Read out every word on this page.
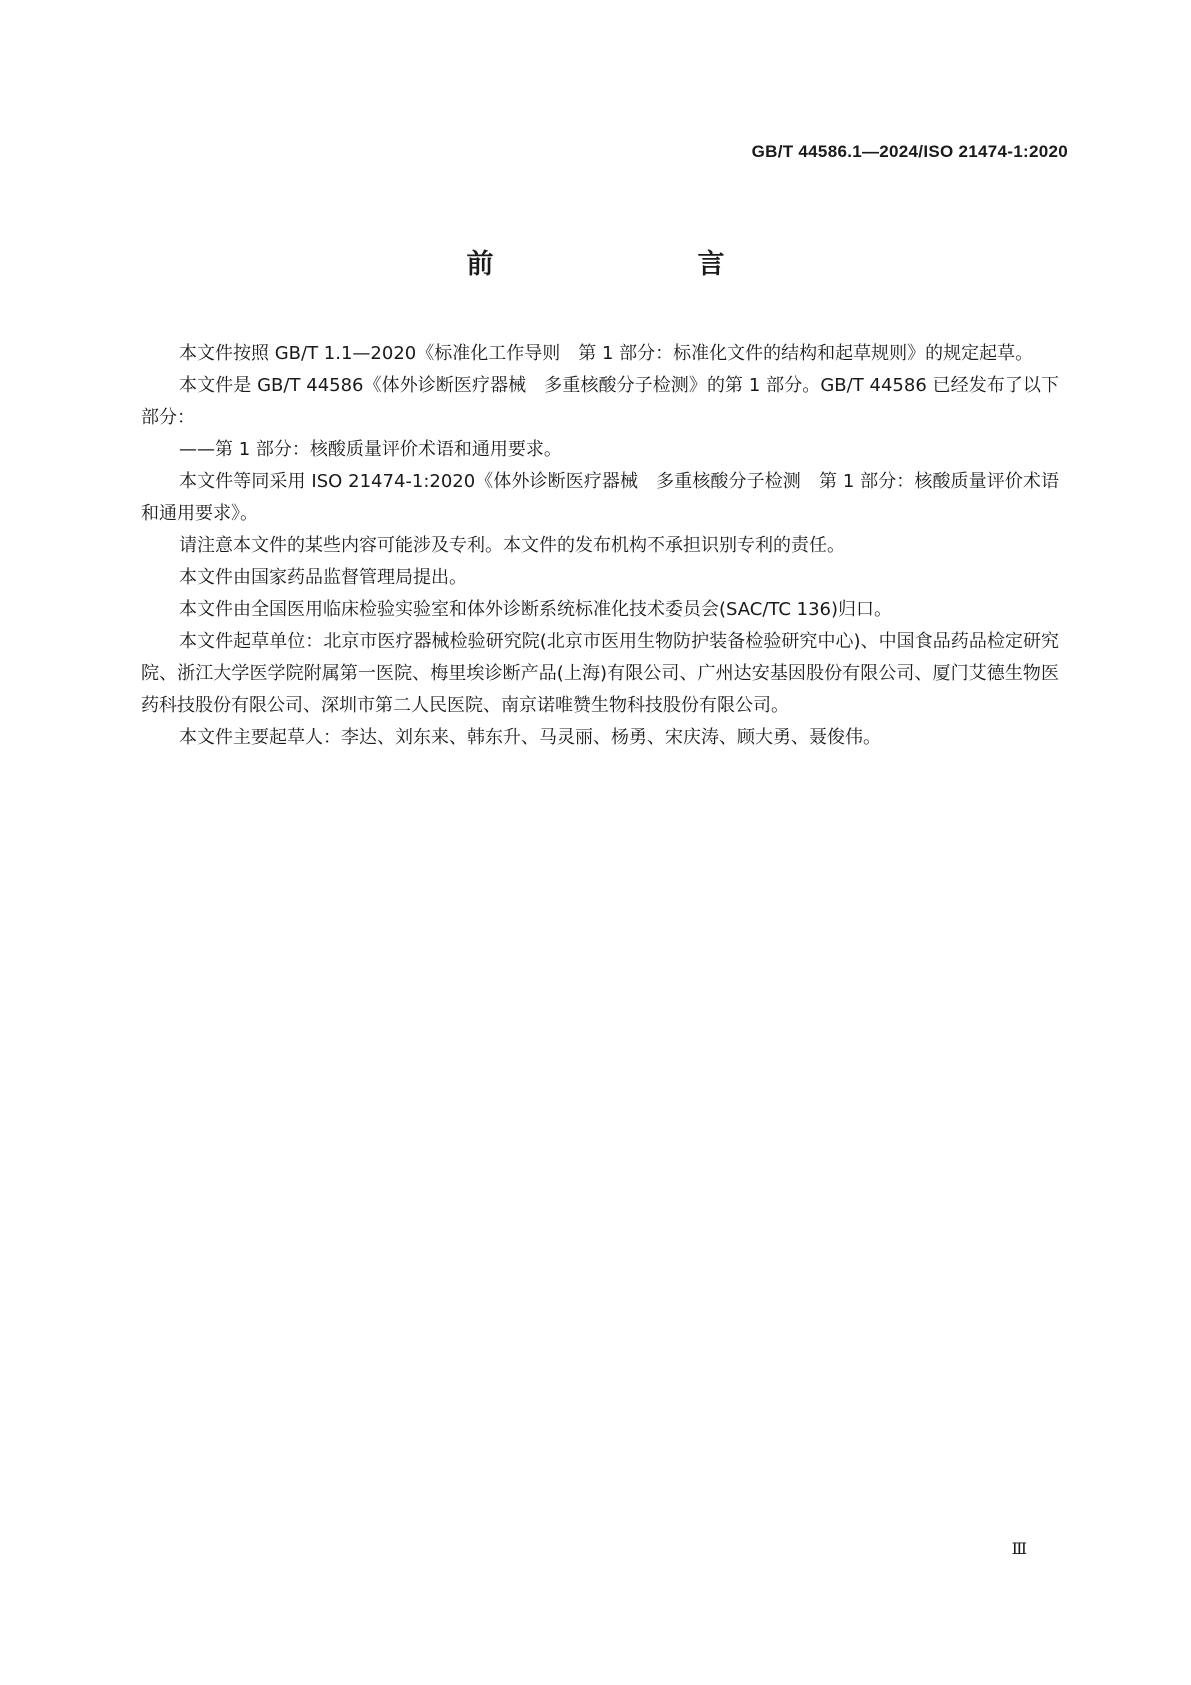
GB/T 44586.1—2024/ISO 21474-1:2020
前　　言

本文件按照 GB/T 1.1—2020《标准化工作导则　第 1 部分：标准化文件的结构和起草规则》的规定起草。

本文件是 GB/T 44586《体外诊断医疗器械　多重核酸分子检测》的第 1 部分。GB/T 44586 已经发布了以下部分：

——第 1 部分：核酸质量评价术语和通用要求。

本文件等同采用 ISO 21474-1:2020《体外诊断医疗器械　多重核酸分子检测　第 1 部分：核酸质量评价术语和通用要求》。

请注意本文件的某些内容可能涉及专利。本文件的发布机构不承担识别专利的责任。

本文件由国家药品监督管理局提出。

本文件由全国医用临床检验实验室和体外诊断系统标准化技术委员会(SAC/TC 136)归口。

本文件起草单位：北京市医疗器械检验研究院(北京市医用生物防护装备检验研究中心)、中国食品药品检定研究院、浙江大学医学院附属第一医院、梅里埃诊断产品(上海)有限公司、广州达安基因股份有限公司、厦门艾德生物医药科技股份有限公司、深圳市第二人民医院、南京诺唯赞生物科技股份有限公司。

本文件主要起草人：李达、刘东来、韩东升、马灵丽、杨勇、宋庆涛、顾大勇、聂俊伟。

Ⅲ
